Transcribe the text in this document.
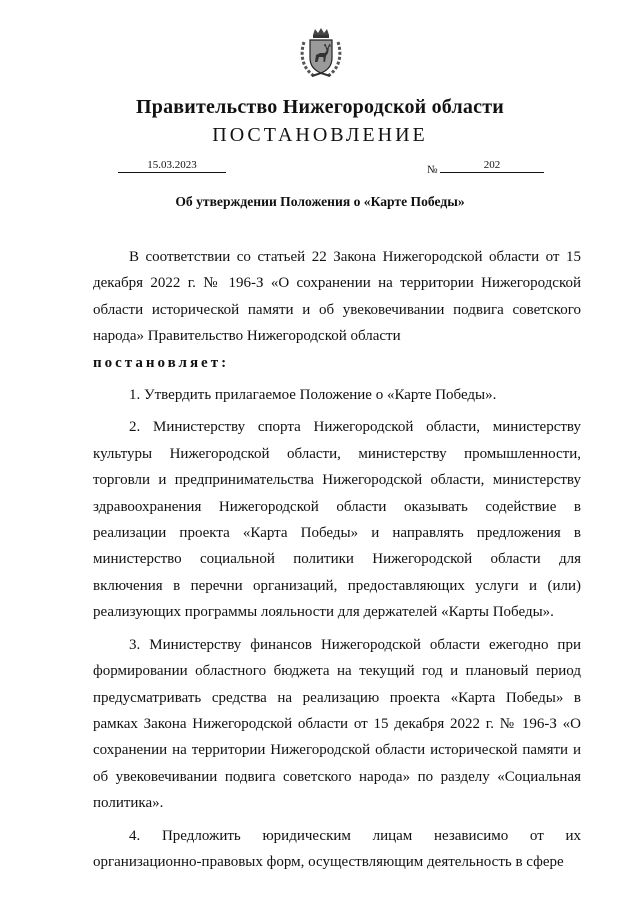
Правительство Нижегородской области
ПОСТАНОВЛЕНИЕ
15.03.2023	№	202
Об утверждении Положения о «Карте Победы»

В соответствии со статьей 22 Закона Нижегородской области от 15 декабря 2022 г. № 196-З «О сохранении на территории Нижегородской области исторической памяти и об увековечивании подвига советского народа» Правительство Нижегородской области
постановляет:

1. Утвердить прилагаемое Положение о «Карте Победы».

2. Министерству спорта Нижегородской области, министерству культуры Нижегородской области, министерству промышленности, торговли и предпринимательства Нижегородской области, министерству здравоохранения Нижегородской области оказывать содействие в реализации проекта «Карта Победы» и направлять предложения в министерство социальной политики Нижегородской области для включения в перечни организаций, предоставляющих услуги и (или) реализующих программы лояльности для держателей «Карты Победы».

3. Министерству финансов Нижегородской области ежегодно при формировании областного бюджета на текущий год и плановый период предусматривать средства на реализацию проекта «Карта Победы» в рамках Закона Нижегородской области от 15 декабря 2022 г. № 196-З «О сохранении на территории Нижегородской области исторической памяти и об увековечивании подвига советского народа» по разделу «Социальная политика».

4. Предложить юридическим лицам независимо от их организационно-правовых форм, осуществляющим деятельность в сфере
